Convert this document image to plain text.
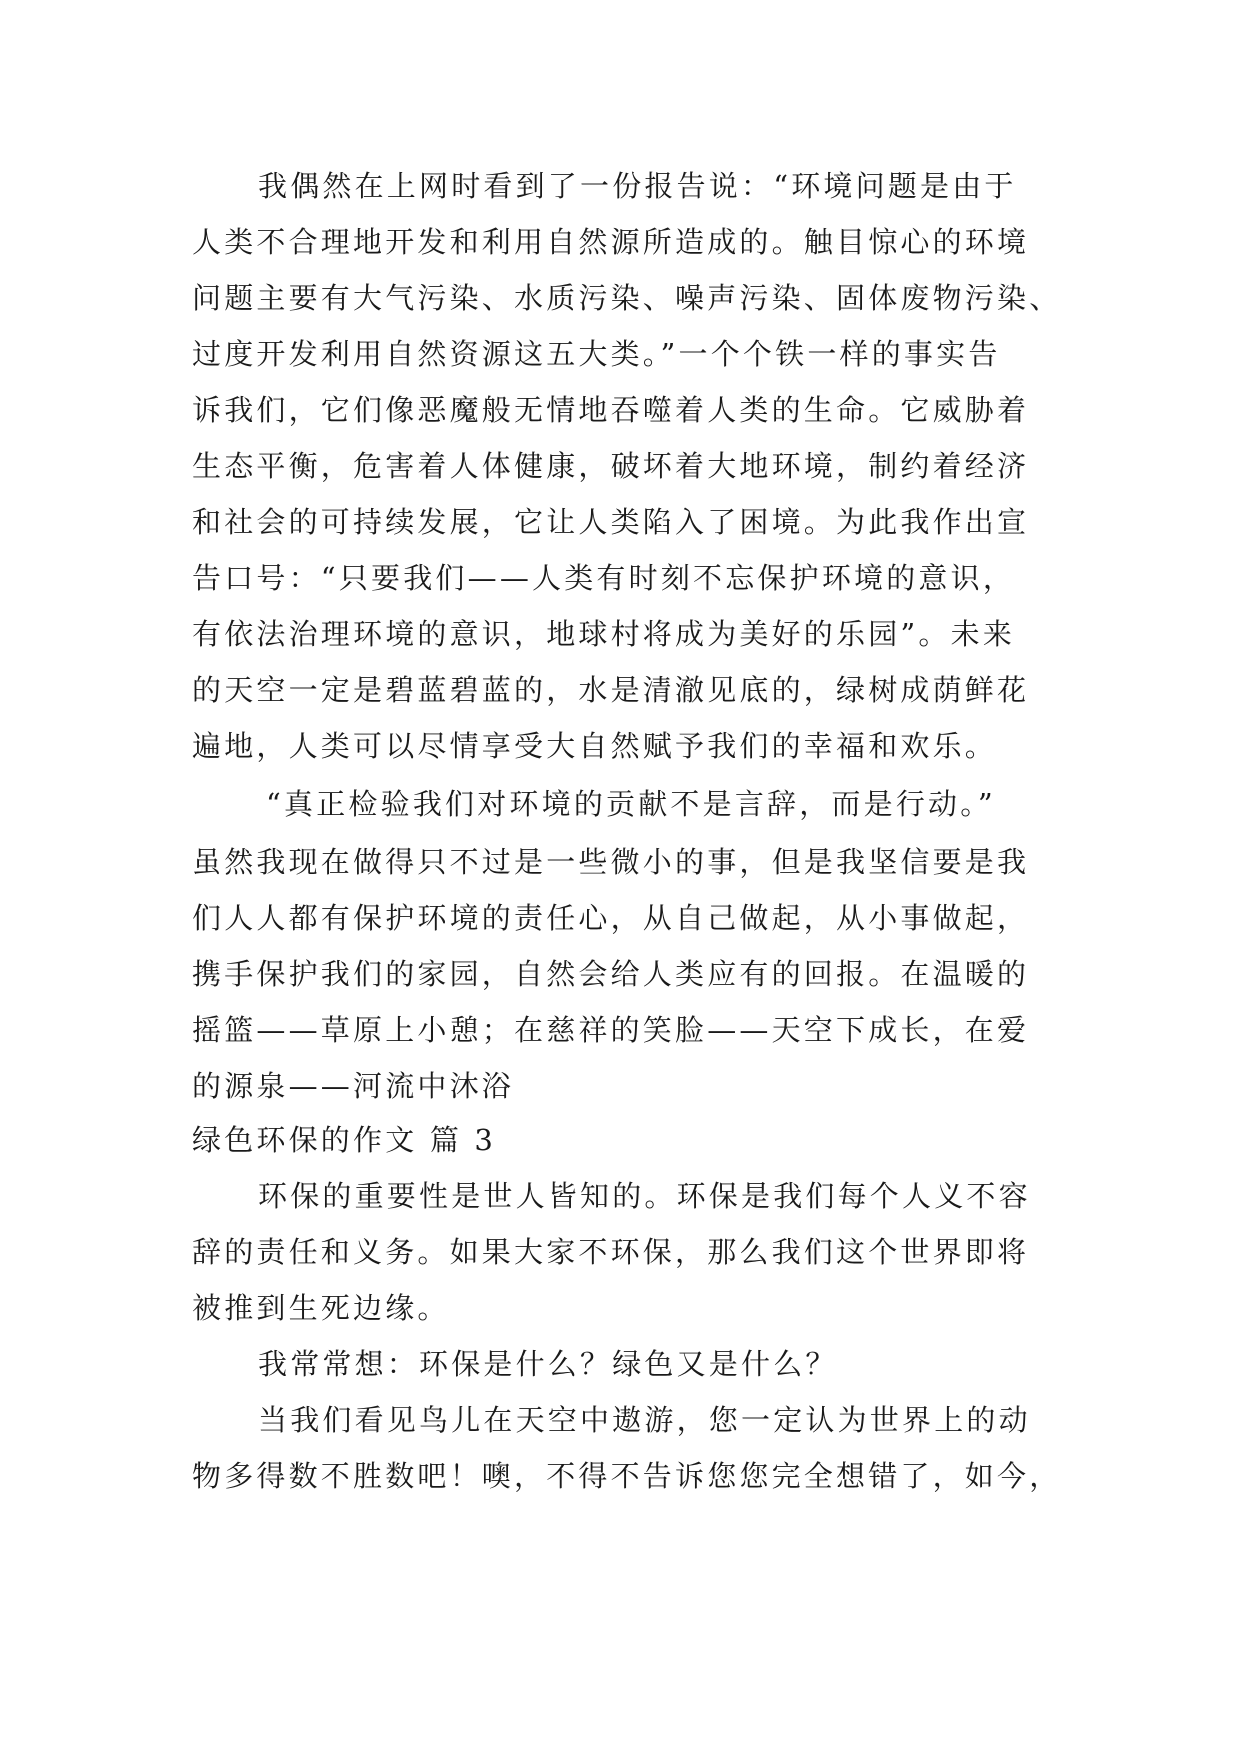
我偶然在上网时看到了一份报告说：“环境问题是由于
人类不合理地开发和利用自然源所造成的。触目惊心的环境
问题主要有大气污染、水质污染、噪声污染、固体废物污染、
过度开发利用自然资源这五大类。”一个个铁一样的事实告
诉我们，它们像恶魔般无情地吞噬着人类的生命。它威胁着
生态平衡，危害着人体健康，破坏着大地环境，制约着经济
和社会的可持续发展，它让人类陷入了困境。为此我作出宣
告口号：“只要我们——人类有时刻不忘保护环境的意识，
有依法治理环境的意识，地球村将成为美好的乐园”。未来
的天空一定是碧蓝碧蓝的，水是清澈见底的，绿树成荫鲜花
遍地，人类可以尽情享受大自然赋予我们的幸福和欢乐。
“真正检验我们对环境的贡献不是言辞，而是行动。”
虽然我现在做得只不过是一些微小的事，但是我坚信要是我
们人人都有保护环境的责任心，从自己做起，从小事做起，
携手保护我们的家园，自然会给人类应有的回报。在温暖的
摇篮——草原上小憩；在慈祥的笑脸——天空下成长，在爱
的源泉——河流中沐浴
绿色环保的作文 篇 3
环保的重要性是世人皆知的。环保是我们每个人义不容
辞的责任和义务。如果大家不环保，那么我们这个世界即将
被推到生死边缘。
我常常想：环保是什么？绿色又是什么？
当我们看见鸟儿在天空中遨游，您一定认为世界上的动
物多得数不胜数吧！噢，不得不告诉您您完全想错了，如今，
